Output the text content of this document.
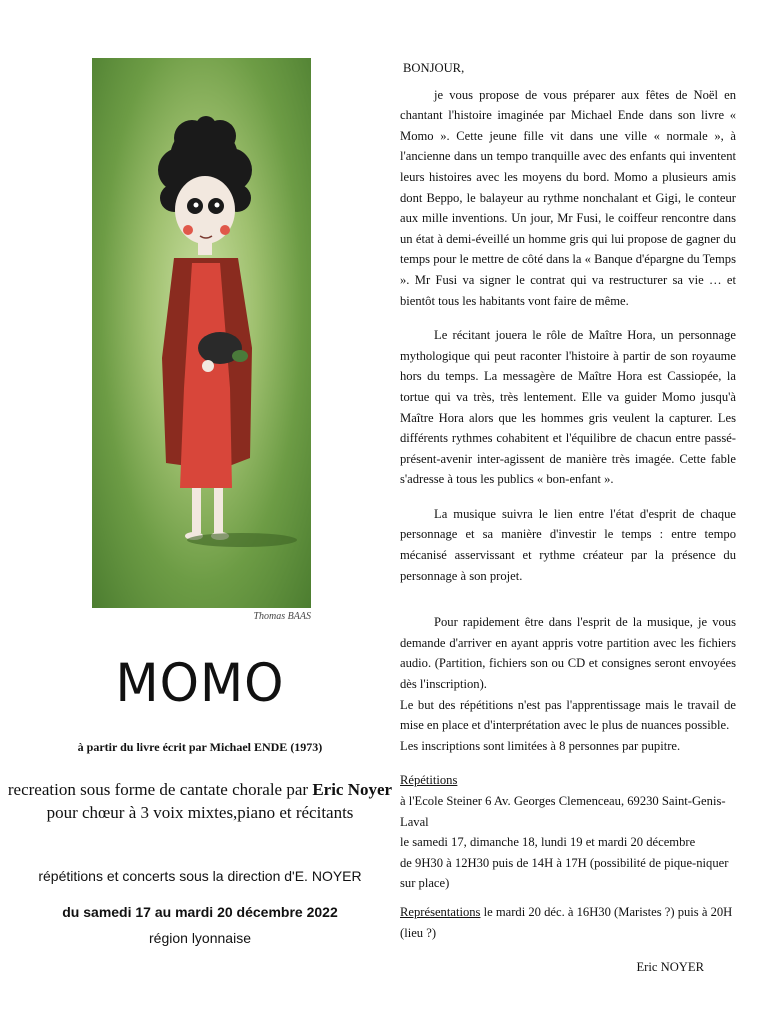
Thomas BAAS
MOMO
à partir du livre écrit par Michael ENDE (1973)
recreation sous forme de cantate chorale par Eric Noyer
pour chœur à 3 voix mixtes,piano et récitants
répétitions et concerts sous la direction d'E. NOYER
du samedi 17 au mardi 20 décembre 2022
région lyonnaise

BONJOUR,

je vous propose de vous préparer aux fêtes de Noël en chantant l'histoire imaginée par Michael Ende dans son livre « Momo ». Cette jeune fille vit dans une ville « normale », à l'ancienne dans un tempo tranquille avec des enfants qui inventent leurs histoires avec les moyens du bord. Momo a plusieurs amis dont Beppo, le balayeur au rythme nonchalant et Gigi, le conteur aux mille inventions. Un jour, Mr Fusi, le coiffeur rencontre dans un état à demi-éveillé un homme gris qui lui propose de gagner du temps pour le mettre de côté dans la « Banque d'épargne du Temps ». Mr Fusi va signer le contrat qui va restructurer sa vie … et bientôt tous les habitants vont faire de même.

Le récitant jouera le rôle de Maître Hora, un personnage mythologique qui peut raconter l'histoire à partir de son royaume hors du temps. La messagère de Maître Hora est Cassiopée, la tortue qui va très, très lentement. Elle va guider Momo jusqu'à Maître Hora alors que les hommes gris veulent la capturer. Les différents rythmes cohabitent et l'équilibre de chacun entre passé-présent-avenir inter-agissent de manière très imagée. Cette fable s'adresse à tous les publics « bon-enfant ».

La musique suivra le lien entre l'état d'esprit de chaque personnage et sa manière d'investir le temps : entre tempo mécanisé asservissant et rythme créateur par la présence du personnage à son projet.

Pour rapidement être dans l'esprit de la musique, je vous demande d'arriver en ayant appris votre partition avec les fichiers audio. (Partition, fichiers son ou CD et consignes seront envoyées dès l'inscription).

Le but des répétitions n'est pas l'apprentissage mais le travail de mise en place et d'interprétation avec le plus de nuances possible.

Les inscriptions sont limitées à 8 personnes par pupitre.

Répétitions

à l'Ecole Steiner 6 Av. Georges Clemenceau, 69230 Saint-Genis-Laval

le samedi 17, dimanche 18, lundi 19 et mardi 20 décembre

de 9H30 à 12H30 puis de 14H à 17H (possibilité de pique-niquer sur place)

Représentations le mardi 20 déc. à 16H30 (Maristes ?) puis à 20H (lieu ?)

Eric NOYER
